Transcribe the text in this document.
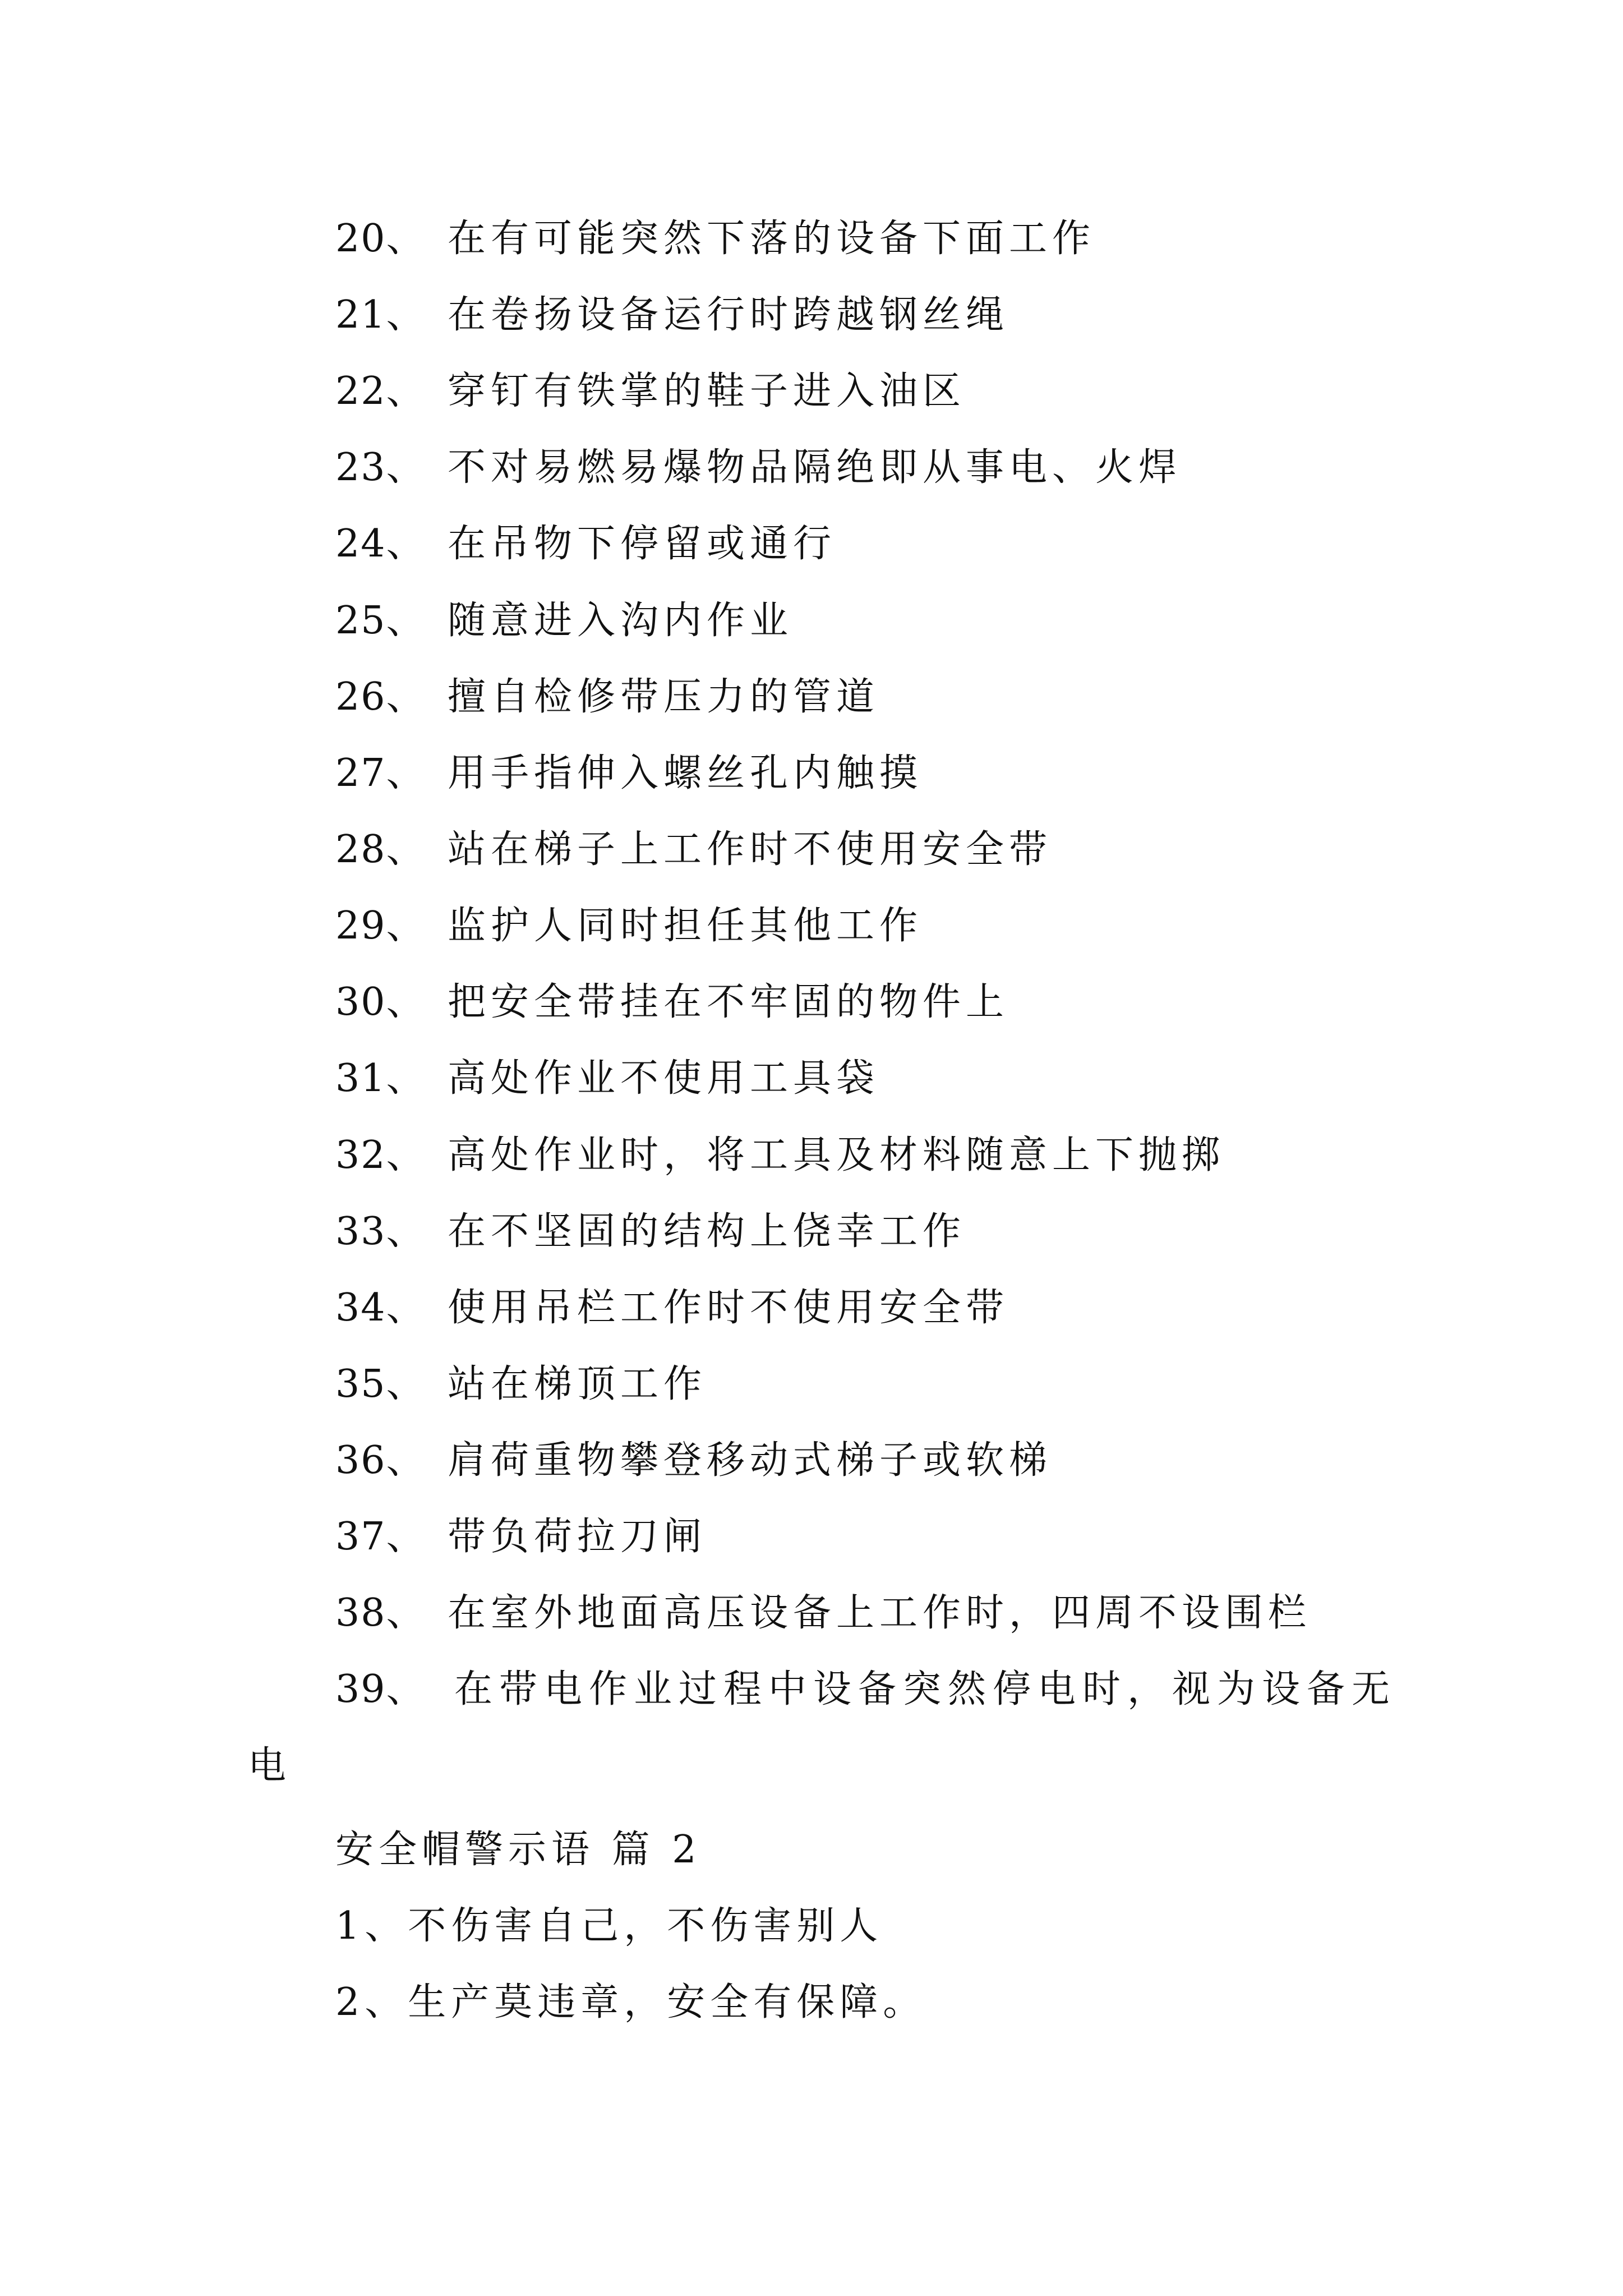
20、 在有可能突然下落的设备下面工作
21、 在卷扬设备运行时跨越钢丝绳
22、 穿钉有铁掌的鞋子进入油区
23、 不对易燃易爆物品隔绝即从事电、火焊
24、 在吊物下停留或通行
25、 随意进入沟内作业
26、 擅自检修带压力的管道
27、 用手指伸入螺丝孔内触摸
28、 站在梯子上工作时不使用安全带
29、 监护人同时担任其他工作
30、 把安全带挂在不牢固的物件上
31、 高处作业不使用工具袋
32、 高处作业时，将工具及材料随意上下抛掷
33、 在不坚固的结构上侥幸工作
34、 使用吊栏工作时不使用安全带
35、 站在梯顶工作
36、 肩荷重物攀登移动式梯子或软梯
37、 带负荷拉刀闸
38、 在室外地面高压设备上工作时，四周不设围栏
39、 在带电作业过程中设备突然停电时，视为设备无
电
安全帽警示语 篇 2
1、不伤害自己，不伤害别人
2、生产莫违章，安全有保障。
